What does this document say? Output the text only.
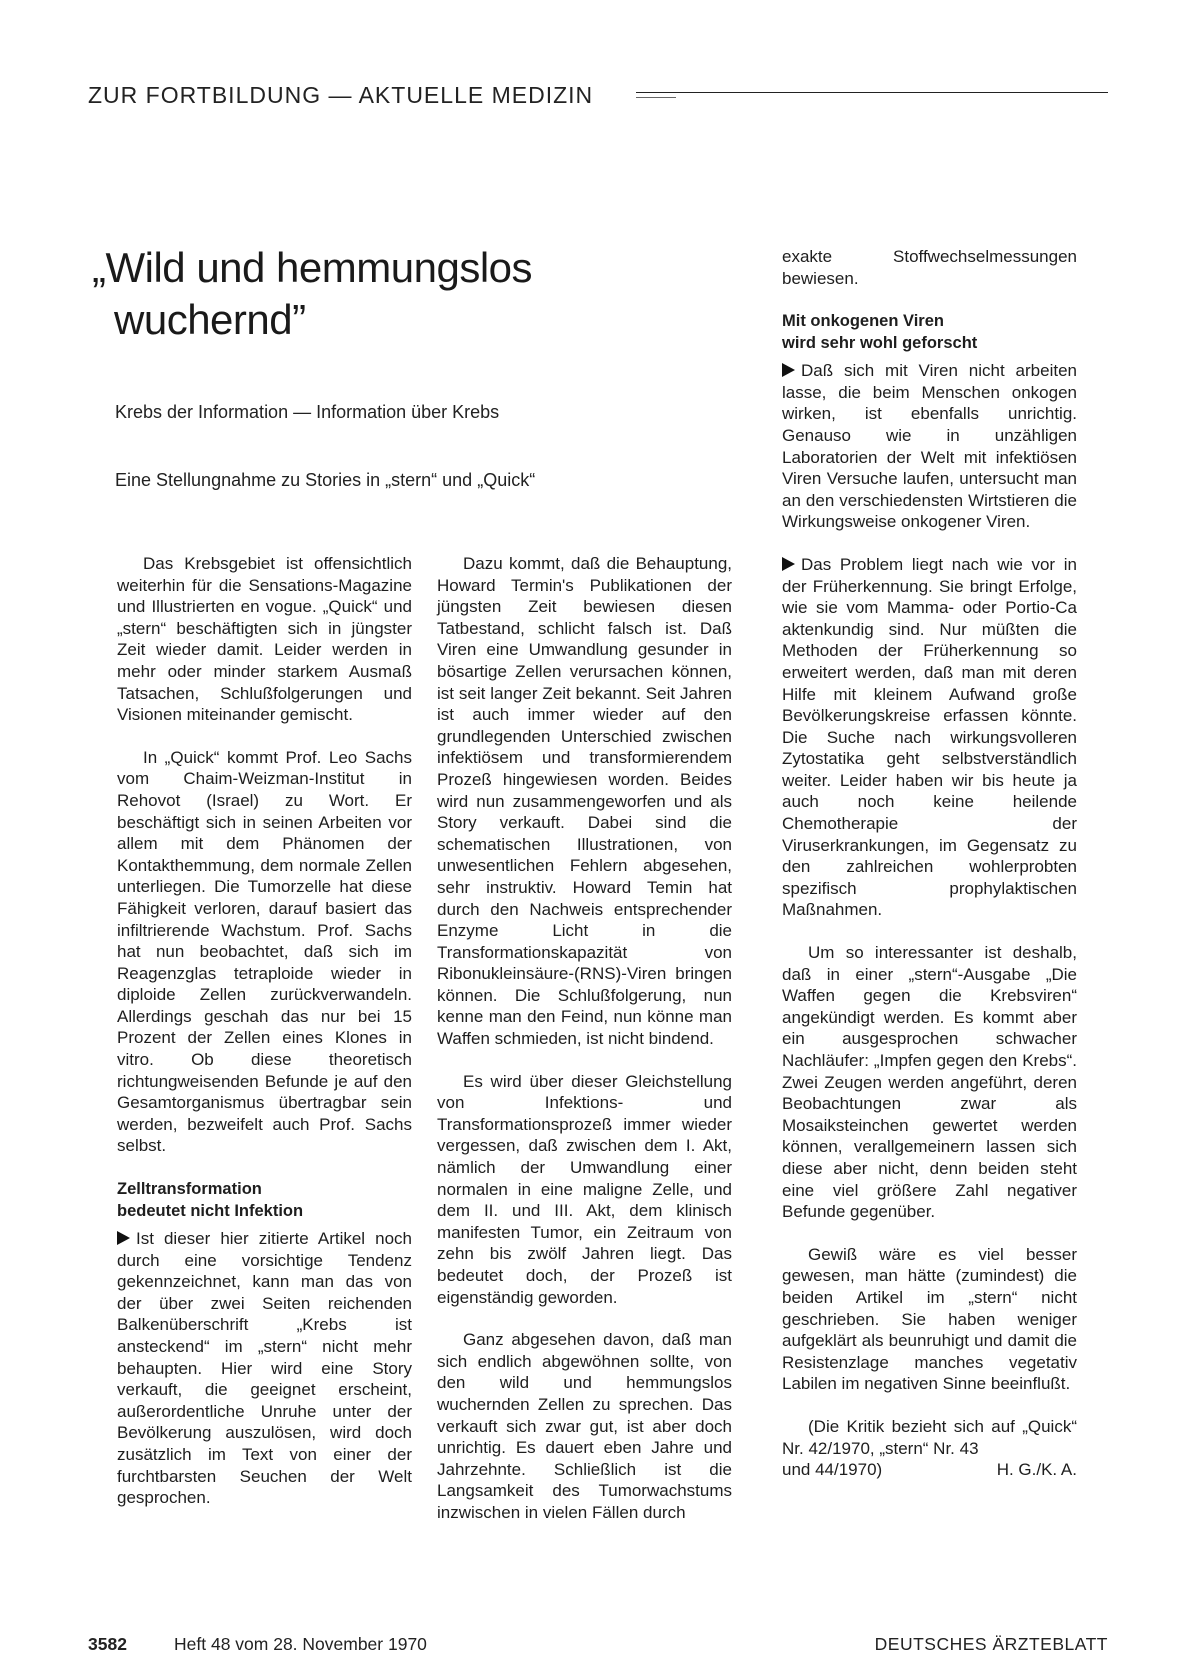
ZUR FORTBILDUNG — AKTUELLE MEDIZIN
„Wild und hemmungslos
wuchernd”
Krebs der Information — Information über Krebs
Eine Stellungnahme zu Stories in „stern“ und „Quick“

Das Krebsgebiet ist offensichtlich weiterhin für die Sensations-Magazine und Illustrierten en vogue. „Quick“ und „stern“ beschäftigten sich in jüngster Zeit wieder damit. Leider werden in mehr oder minder starkem Ausmaß Tatsachen, Schlußfolgerungen und Visionen miteinander gemischt.

In „Quick“ kommt Prof. Leo Sachs vom Chaim-Weizman-Institut in Rehovot (Israel) zu Wort. Er beschäftigt sich in seinen Arbeiten vor allem mit dem Phänomen der Kontakthemmung, dem normale Zellen unterliegen. Die Tumorzelle hat diese Fähigkeit verloren, darauf basiert das infiltrierende Wachstum. Prof. Sachs hat nun beobachtet, daß sich im Reagenzglas tetraploide wieder in diploide Zellen zurückverwandeln. Allerdings geschah das nur bei 15 Prozent der Zellen eines Klones in vitro. Ob diese theoretisch richtungweisenden Befunde je auf den Gesamtorganismus übertragbar sein werden, bezweifelt auch Prof. Sachs selbst.

Zelltransformation
bedeutet nicht Infektion

Ist dieser hier zitierte Artikel noch durch eine vorsichtige Tendenz gekennzeichnet, kann man das von der über zwei Seiten reichenden Balkenüberschrift „Krebs ist ansteckend“ im „stern“ nicht mehr behaupten. Hier wird eine Story verkauft, die geeignet erscheint, außerordentliche Unruhe unter der Bevölkerung auszulösen, wird doch zusätzlich im Text von einer der furchtbarsten Seuchen der Welt gesprochen.

Dazu kommt, daß die Behauptung, Howard Termin's Publikationen der jüngsten Zeit bewiesen diesen Tatbestand, schlicht falsch ist. Daß Viren eine Umwandlung gesunder in bösartige Zellen verursachen können, ist seit langer Zeit bekannt. Seit Jahren ist auch immer wieder auf den grundlegenden Unterschied zwischen infektiösem und transformierendem Prozeß hingewiesen worden. Beides wird nun zusammengeworfen und als Story verkauft. Dabei sind die schematischen Illustrationen, von unwesentlichen Fehlern abgesehen, sehr instruktiv. Howard Temin hat durch den Nachweis entsprechender Enzyme Licht in die Transformationskapazität von Ribonukleinsäure-(RNS)-Viren bringen können. Die Schlußfolgerung, nun kenne man den Feind, nun könne man Waffen schmieden, ist nicht bindend.

Es wird über dieser Gleichstellung von Infektions- und Transformationsprozeß immer wieder vergessen, daß zwischen dem I. Akt, nämlich der Umwandlung einer normalen in eine maligne Zelle, und dem II. und III. Akt, dem klinisch manifesten Tumor, ein Zeitraum von zehn bis zwölf Jahren liegt. Das bedeutet doch, der Prozeß ist eigenständig geworden.

Ganz abgesehen davon, daß man sich endlich abgewöhnen sollte, von den wild und hemmungslos wuchernden Zellen zu sprechen. Das verkauft sich zwar gut, ist aber doch unrichtig. Es dauert eben Jahre und Jahrzehnte. Schließlich ist die Langsamkeit des Tumorwachstums inzwischen in vielen Fällen durch

exakte Stoffwechselmessungen bewiesen.

Mit onkogenen Viren
wird sehr wohl geforscht

Daß sich mit Viren nicht arbeiten lasse, die beim Menschen onkogen wirken, ist ebenfalls unrichtig. Genauso wie in unzähligen Laboratorien der Welt mit infektiösen Viren Versuche laufen, untersucht man an den verschiedensten Wirtstieren die Wirkungsweise onkogener Viren.

Das Problem liegt nach wie vor in der Früherkennung. Sie bringt Erfolge, wie sie vom Mamma- oder Portio-Ca aktenkundig sind. Nur müßten die Methoden der Früherkennung so erweitert werden, daß man mit deren Hilfe mit kleinem Aufwand große Bevölkerungskreise erfassen könnte. Die Suche nach wirkungsvolleren Zytostatika geht selbstverständlich weiter. Leider haben wir bis heute ja auch noch keine heilende Chemotherapie der Viruserkrankungen, im Gegensatz zu den zahlreichen wohlerprobten spezifisch prophylaktischen Maßnahmen.

Um so interessanter ist deshalb, daß in einer „stern“-Ausgabe „Die Waffen gegen die Krebsviren“ angekündigt werden. Es kommt aber ein ausgesprochen schwacher Nachläufer: „Impfen gegen den Krebs“. Zwei Zeugen werden angeführt, deren Beobachtungen zwar als Mosaiksteinchen gewertet werden können, verallgemeinern lassen sich diese aber nicht, denn beiden steht eine viel größere Zahl negativer Befunde gegenüber.

Gewiß wäre es viel besser gewesen, man hätte (zumindest) die beiden Artikel im „stern“ nicht geschrieben. Sie haben weniger aufgeklärt als beunruhigt und damit die Resistenzlage manches vegetativ Labilen im negativen Sinne beeinflußt.

(Die Kritik bezieht sich auf „Quick“ Nr. 42/1970, „stern“ Nr. 43

und 44/1970)	H. G./K. A.
3582	Heft 48 vom 28. November 1970	DEUTSCHES ÄRZTEBLATT
